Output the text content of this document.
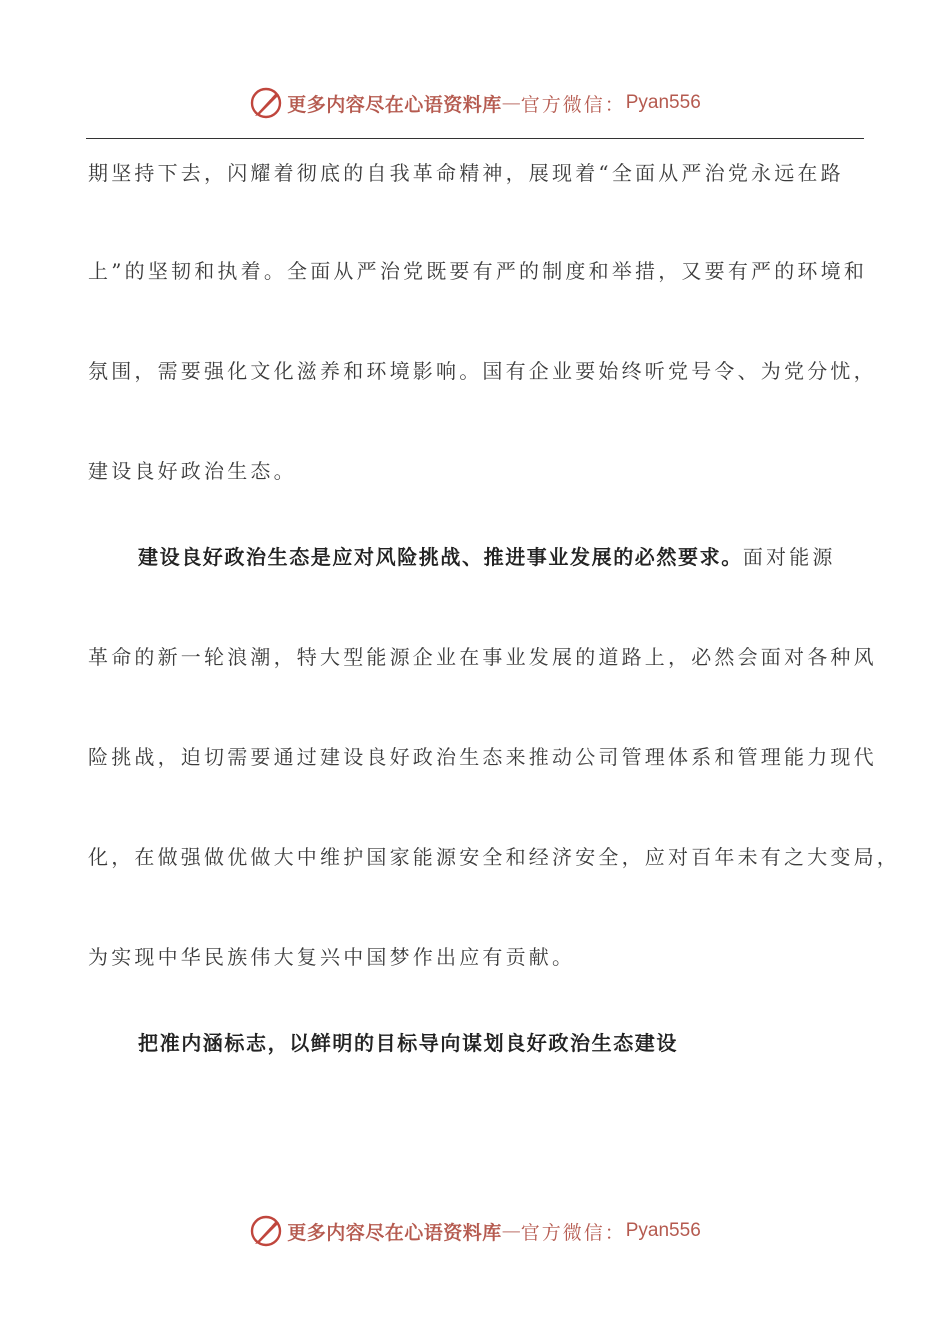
更多内容尽在心语资料库 — 官方微信： Pyan556
期坚持下去，闪耀着彻底的自我革命精神，展现着“全面从严治党永远在路
上”的坚韧和执着。全面从严治党既要有严的制度和举措，又要有严的环境和
氛围，需要强化文化滋养和环境影响。国有企业要始终听党号令、为党分忧，
建设良好政治生态。
建设良好政治生态是应对风险挑战、推进事业发展的必然要求。面对能源
革命的新一轮浪潮，特大型能源企业在事业发展的道路上，必然会面对各种风
险挑战，迫切需要通过建设良好政治生态来推动公司管理体系和管理能力现代
化，在做强做优做大中维护国家能源安全和经济安全，应对百年未有之大变局，
为实现中华民族伟大复兴中国梦作出应有贡献。
把准内涵标志，以鲜明的目标导向谋划良好政治生态建设
更多内容尽在心语资料库 — 官方微信： Pyan556
